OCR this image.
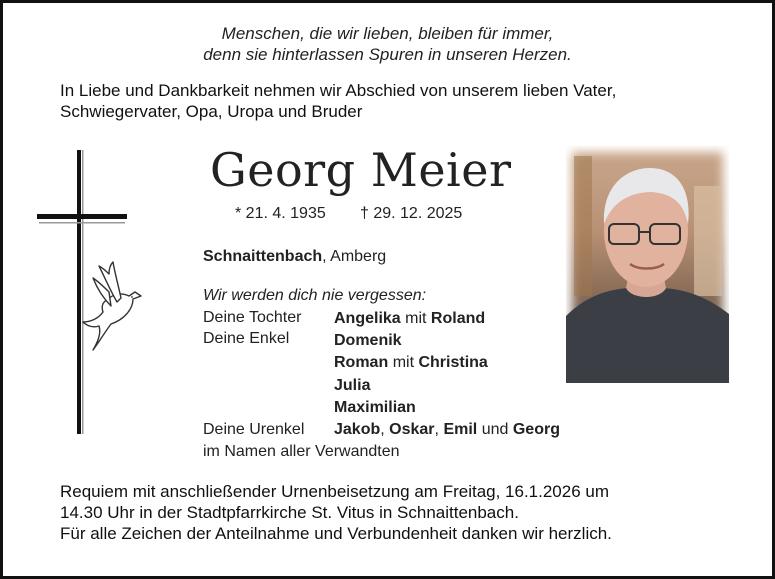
Menschen, die wir lieben, bleiben für immer,
denn sie hinterlassen Spuren in unseren Herzen.
In Liebe und Dankbarkeit nehmen wir Abschied von unserem lieben Vater,
Schwiegervater, Opa, Uropa und Bruder
Georg Meier
* 21. 4. 1935 † 29. 12. 2025
Schnaittenbach, Amberg
Wir werden dich nie vergessen:
Deine Tochter Angelika mit Roland
Deine Enkel	Domenik
Roman mit Christina
Julia
Maximilian
Deine Urenkel Jakob, Oskar, Emil und Georg
im Namen aller Verwandten
Requiem mit anschließender Urnenbeisetzung am Freitag, 16.1.2026 um
14.30 Uhr in der Stadtpfarrkirche St. Vitus in Schnaittenbach.
Für alle Zeichen der Anteilnahme und Verbundenheit danken wir herzlich.
